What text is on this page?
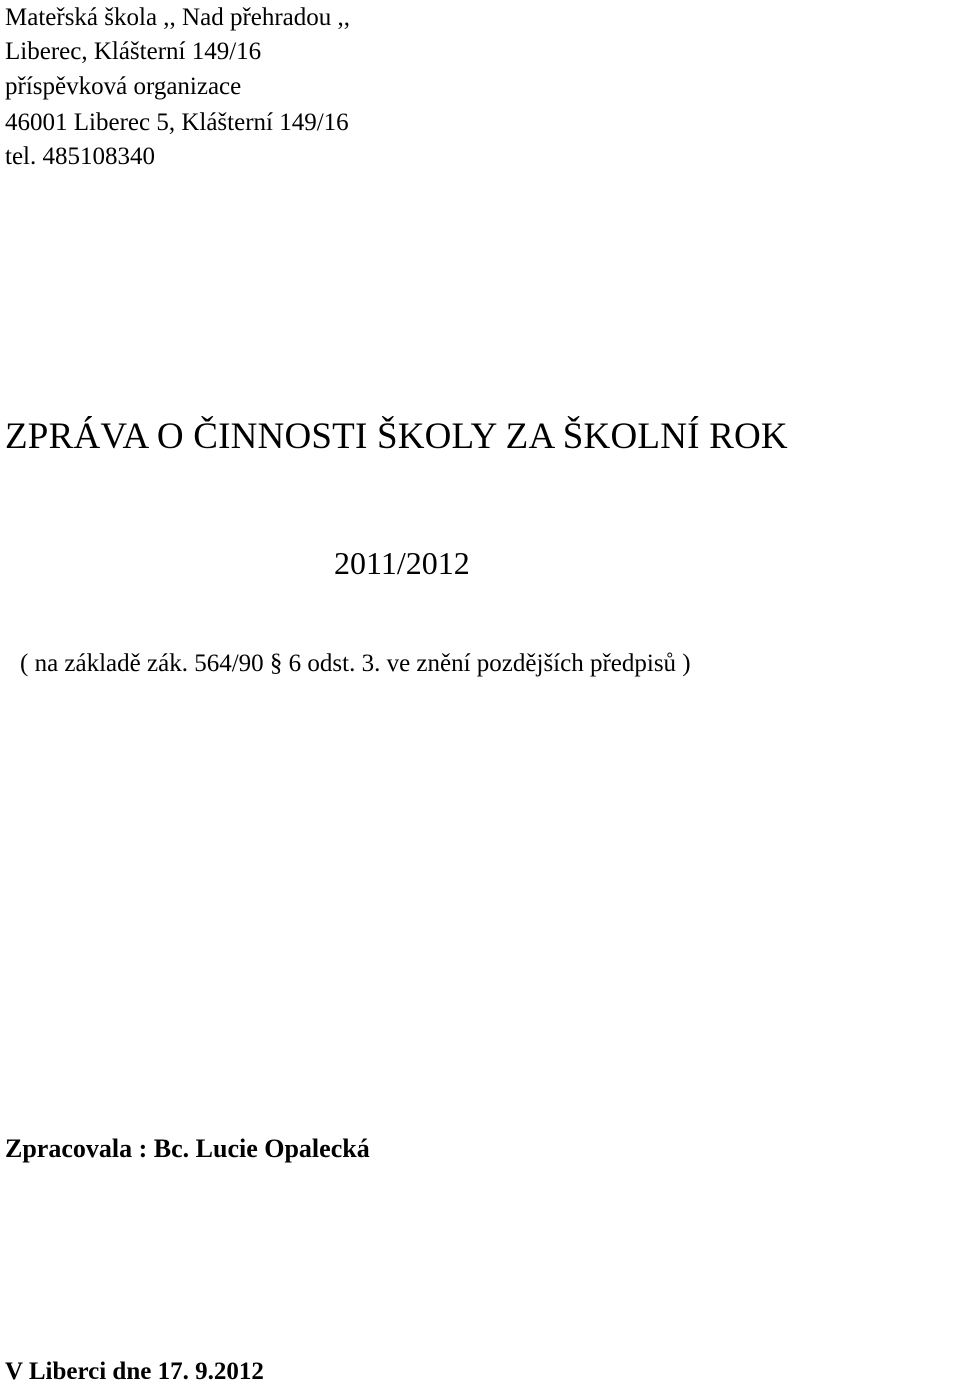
Mateřská škola ,, Nad přehradou ,,
Liberec, Klášterní 149/16
příspěvková organizace
46001 Liberec 5, Klášterní 149/16
tel. 485108340
ZPRÁVA O ČINNOSTI ŠKOLY ZA ŠKOLNÍ ROK
2011/2012
( na základě zák. 564/90 § 6 odst. 3. ve znění pozdějších předpisů )
Zpracovala : Bc. Lucie Opalecká
V Liberci dne 17. 9.2012
